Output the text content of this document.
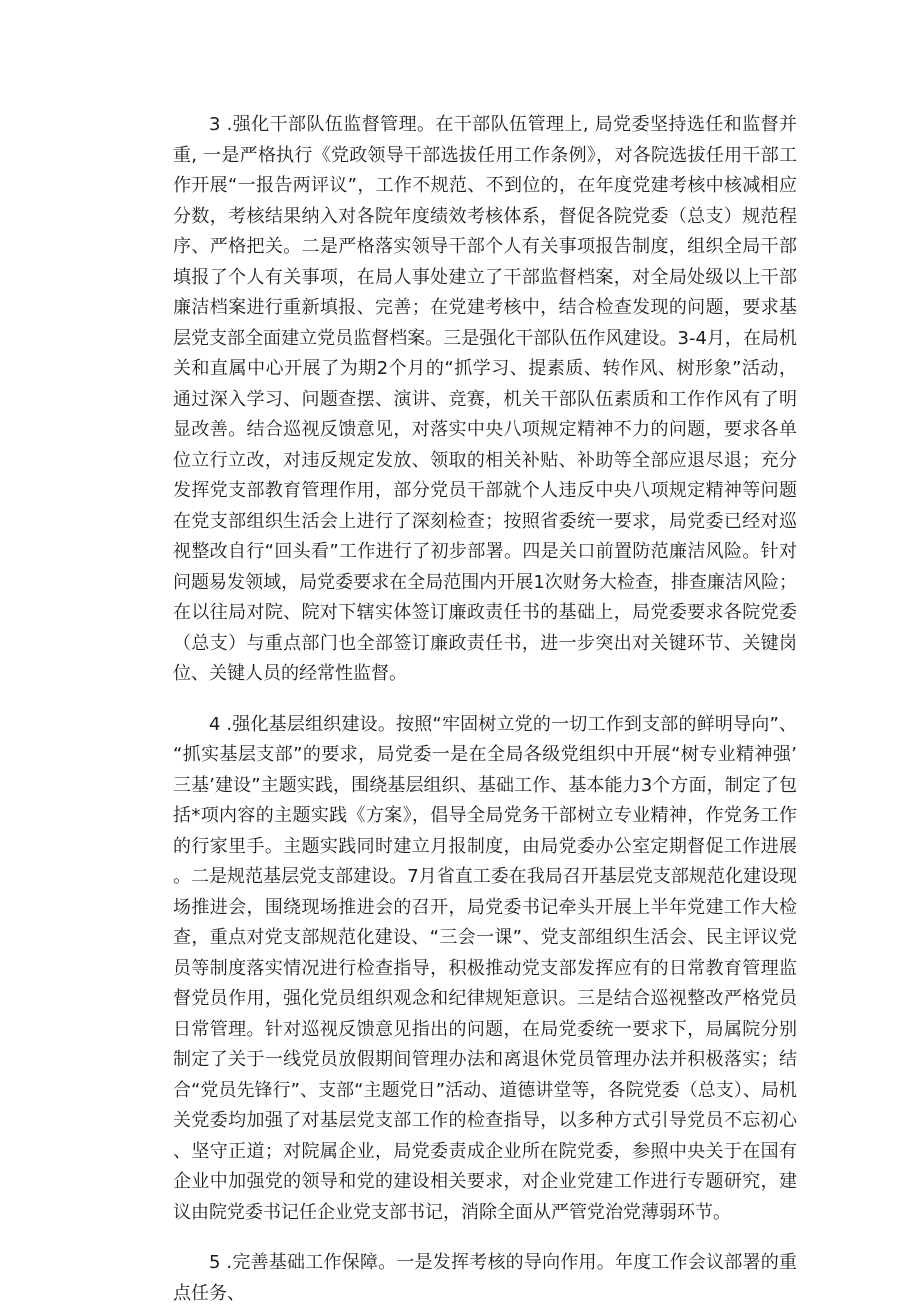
3 .强化干部队伍监督管理。在干部队伍管理上, 局党委坚持选任和监督并重, 一是严格执行《党政领导干部选拔任用工作条例》，对各院选拔任用干部工作开展“一报告两评议”，工作不规范、不到位的，在年度党建考核中核减相应分数，考核结果纳入对各院年度绩效考核体系，督促各院党委（总支）规范程序、严格把关。二是严格落实领导干部个人有关事项报告制度，组织全局干部填报了个人有关事项，在局人事处建立了干部监督档案，对全局处级以上干部廉洁档案进行重新填报、完善；在党建考核中，结合检查发现的问题，要求基层党支部全面建立党员监督档案。三是强化干部队伍作风建设。3-4月，在局机关和直属中心开展了为期2个月的“抓学习、提素质、转作风、树形象”活动，通过深入学习、问题查摆、演讲、竞赛，机关干部队伍素质和工作作风有了明显改善。结合巡视反馈意见，对落实中央八项规定精神不力的问题，要求各单位立行立改，对违反规定发放、领取的相关补贴、补助等全部应退尽退；充分发挥党支部教育管理作用，部分党员干部就个人违反中央八项规定精神等问题在党支部组织生活会上进行了深刻检查；按照省委统一要求，局党委已经对巡视整改自行“回头看”工作进行了初步部署。四是关口前置防范廉洁风险。针对问题易发领域，局党委要求在全局范围内开展1次财务大检查，排查廉洁风险；在以往局对院、院对下辖实体签订廉政责任书的基础上，局党委要求各院党委（总支）与重点部门也全部签订廉政责任书，进一步突出对关键环节、关键岗位、关键人员的经常性监督。

4 .强化基层组织建设。按照“牢固树立党的一切工作到支部的鲜明导向”、“抓实基层支部”的要求，局党委一是在全局各级党组织中开展“树专业精神强’三基’建设”主题实践，围绕基层组织、基础工作、基本能力3个方面，制定了包括*项内容的主题实践《方案》，倡导全局党务干部树立专业精神，作党务工作的行家里手。主题实践同时建立月报制度，由局党委办公室定期督促工作进展。二是规范基层党支部建设。7月省直工委在我局召开基层党支部规范化建设现场推进会，围绕现场推进会的召开，局党委书记牵头开展上半年党建工作大检查，重点对党支部规范化建设、“三会一课”、党支部组织生活会、民主评议党员等制度落实情况进行检查指导，积极推动党支部发挥应有的日常教育管理监督党员作用，强化党员组织观念和纪律规矩意识。三是结合巡视整改严格党员日常管理。针对巡视反馈意见指出的问题，在局党委统一要求下，局属院分别制定了关于一线党员放假期间管理办法和离退休党员管理办法并积极落实；结合“党员先锋行”、支部“主题党日”活动、道德讲堂等，各院党委（总支）、局机关党委均加强了对基层党支部工作的检查指导，以多种方式引导党员不忘初心、坚守正道；对院属企业，局党委责成企业所在院党委，参照中央关于在国有企业中加强党的领导和党的建设相关要求，对企业党建工作进行专题研究，建议由院党委书记任企业党支部书记，消除全面从严管党治党薄弱环节。

5 .完善基础工作保障。一是发挥考核的导向作用。年度工作会议部署的重点任务、
